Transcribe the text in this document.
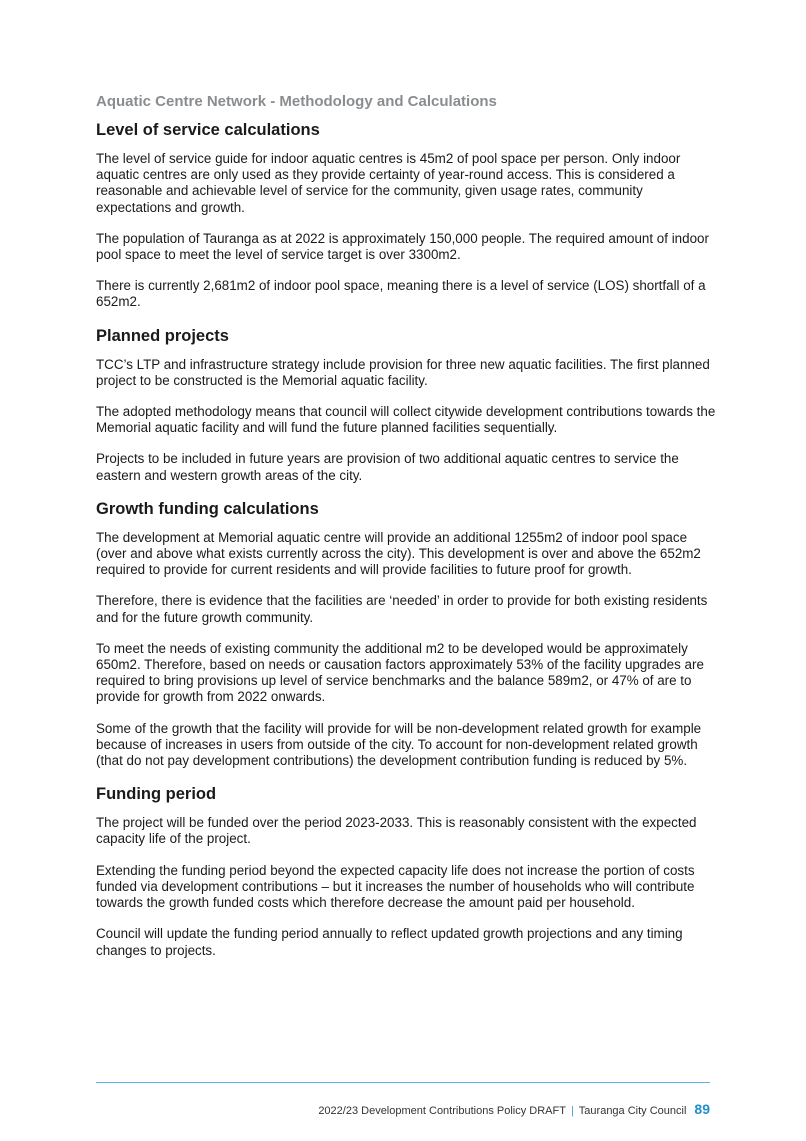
Aquatic Centre Network - Methodology and Calculations
Level of service calculations

The level of service guide for indoor aquatic centres is 45m2 of pool space per person. Only indoor aquatic centres are only used as they provide certainty of year-round access. This is considered a reasonable and achievable level of service for the community, given usage rates, community expectations and growth.

The population of Tauranga as at 2022 is approximately 150,000 people. The required amount of indoor pool space to meet the level of service target is over 3300m2.

There is currently 2,681m2 of indoor pool space, meaning there is a level of service (LOS) shortfall of a 652m2.

Planned projects

TCC’s LTP and infrastructure strategy include provision for three new aquatic facilities. The first planned project to be constructed is the Memorial aquatic facility.

The adopted methodology means that council will collect citywide development contributions towards the Memorial aquatic facility and will fund the future planned facilities sequentially.

Projects to be included in future years are provision of two additional aquatic centres to service the eastern and western growth areas of the city.

Growth funding calculations

The development at Memorial aquatic centre will provide an additional 1255m2 of indoor pool space (over and above what exists currently across the city). This development is over and above the 652m2 required to provide for current residents and will provide facilities to future proof for growth.

Therefore, there is evidence that the facilities are ‘needed’ in order to provide for both existing residents and for the future growth community.

To meet the needs of existing community the additional m2 to be developed would be approximately 650m2. Therefore, based on needs or causation factors approximately 53% of the facility upgrades are required to bring provisions up level of service benchmarks and the balance 589m2, or 47% of are to provide for growth from 2022 onwards.

Some of the growth that the facility will provide for will be non-development related growth for example because of increases in users from outside of the city. To account for non-development related growth (that do not pay development contributions) the development contribution funding is reduced by 5%.

Funding period

The project will be funded over the period 2023-2033. This is reasonably consistent with the expected capacity life of the project.

Extending the funding period beyond the expected capacity life does not increase the portion of costs funded via development contributions – but it increases the number of households who will contribute towards the growth funded costs which therefore decrease the amount paid per household.

Council will update the funding period annually to reflect updated growth projections and any timing changes to projects.

2022/23 Development Contributions Policy DRAFT | Tauranga City Council 89
